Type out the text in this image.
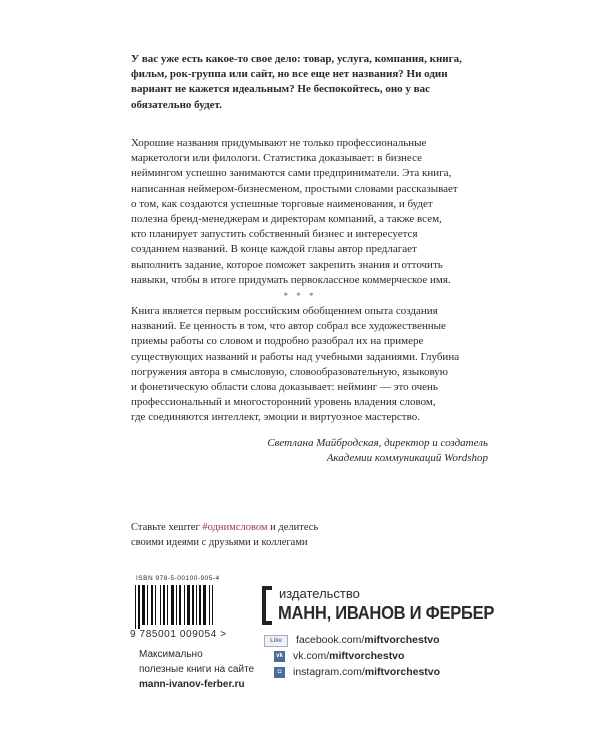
У вас уже есть какое-то свое дело: товар, услуга, компания, книга,
фильм, рок-группа или сайт, но все еще нет названия? Ни один
вариант не кажется идеальным? Не беспокойтесь, оно у вас
обязательно будет.
Хорошие названия придумывают не только профессиональные
маркетологи или филологи. Статистика доказывает: в бизнесе
неймингом успешно занимаются сами предприниматели. Эта книга,
написанная неймером-бизнесменом, простыми словами рассказывает
о том, как создаются успешные торговые наименования, и будет
полезна бренд-менеджерам и директорам компаний, а также всем,
кто планирует запустить собственный бизнес и интересуется
созданием названий. В конце каждой главы автор предлагает
выполнить задание, которое поможет закрепить знания и отточить
навыки, чтобы в итоге придумать первоклассное коммерческое имя.
* * *
Книга является первым российским обобщением опыта создания
названий. Ее ценность в том, что автор собрал все художественные
приемы работы со словом и подробно разобрал их на примере
существующих названий и работы над учебными заданиями. Глубина
погружения автора в смысловую, словообразовательную, языковую
и фонетическую области слова доказывает: нейминг — это очень
профессиональный и многосторонний уровень владения словом,
где соединяются интеллект, эмоции и виртуозное мастерство.
Светлана Майбродская, директор и создатель
Академии коммуникаций Wordshop
Ставьте хештег #однимсловом и делитесь
своими идеями с друзьями и коллегами
ISBN 978-5-00100-905-4
9 785001 009054 >
Максимально
полезные книги на сайте
mann-ivanov-ferber.ru
издательство
МАНН, ИВАНОВ И ФЕРБЕР
Like	facebook.com/ miftvorchestvo
vk vk.com/ miftvorchestvo
◘	instagram.com/ miftvorchestvo
